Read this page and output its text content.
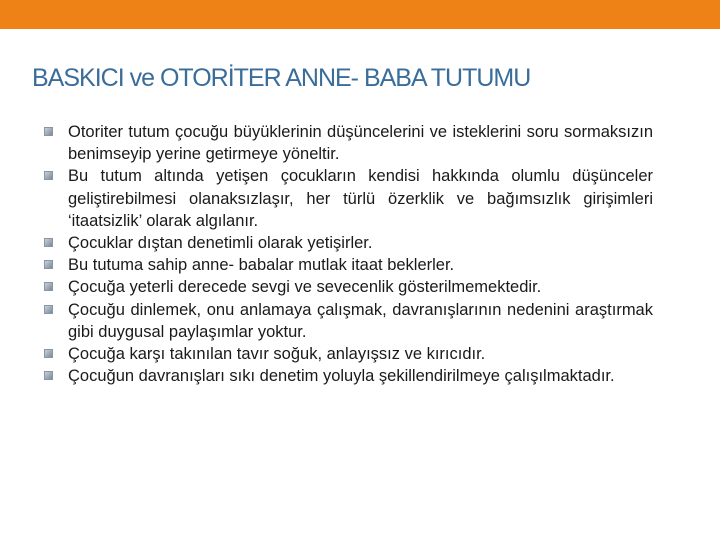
BASKICI ve OTORİTER ANNE- BABA TUTUMU
Otoriter tutum çocuğu büyüklerinin düşüncelerini ve isteklerini soru sormaksızın benimseyip yerine getirmeye yöneltir.
Bu tutum altında yetişen çocukların kendisi hakkında olumlu düşünceler geliştirebilmesi olanaksızlaşır, her türlü özerklik ve bağımsızlık girişimleri ‘itaatsizlik’ olarak algılanır.
Çocuklar dıştan denetimli olarak yetişirler.
Bu tutuma sahip anne- babalar mutlak itaat beklerler.
Çocuğa yeterli derecede sevgi ve sevecenlik gösterilmemektedir.
Çocuğu dinlemek, onu anlamaya çalışmak, davranışlarının nedenini araştırmak gibi duygusal paylaşımlar yoktur.
Çocuğa karşı takınılan tavır soğuk, anlayışsız ve kırıcıdır.
Çocuğun davranışları sıkı denetim yoluyla şekillendirilmeye çalışılmaktadır.
